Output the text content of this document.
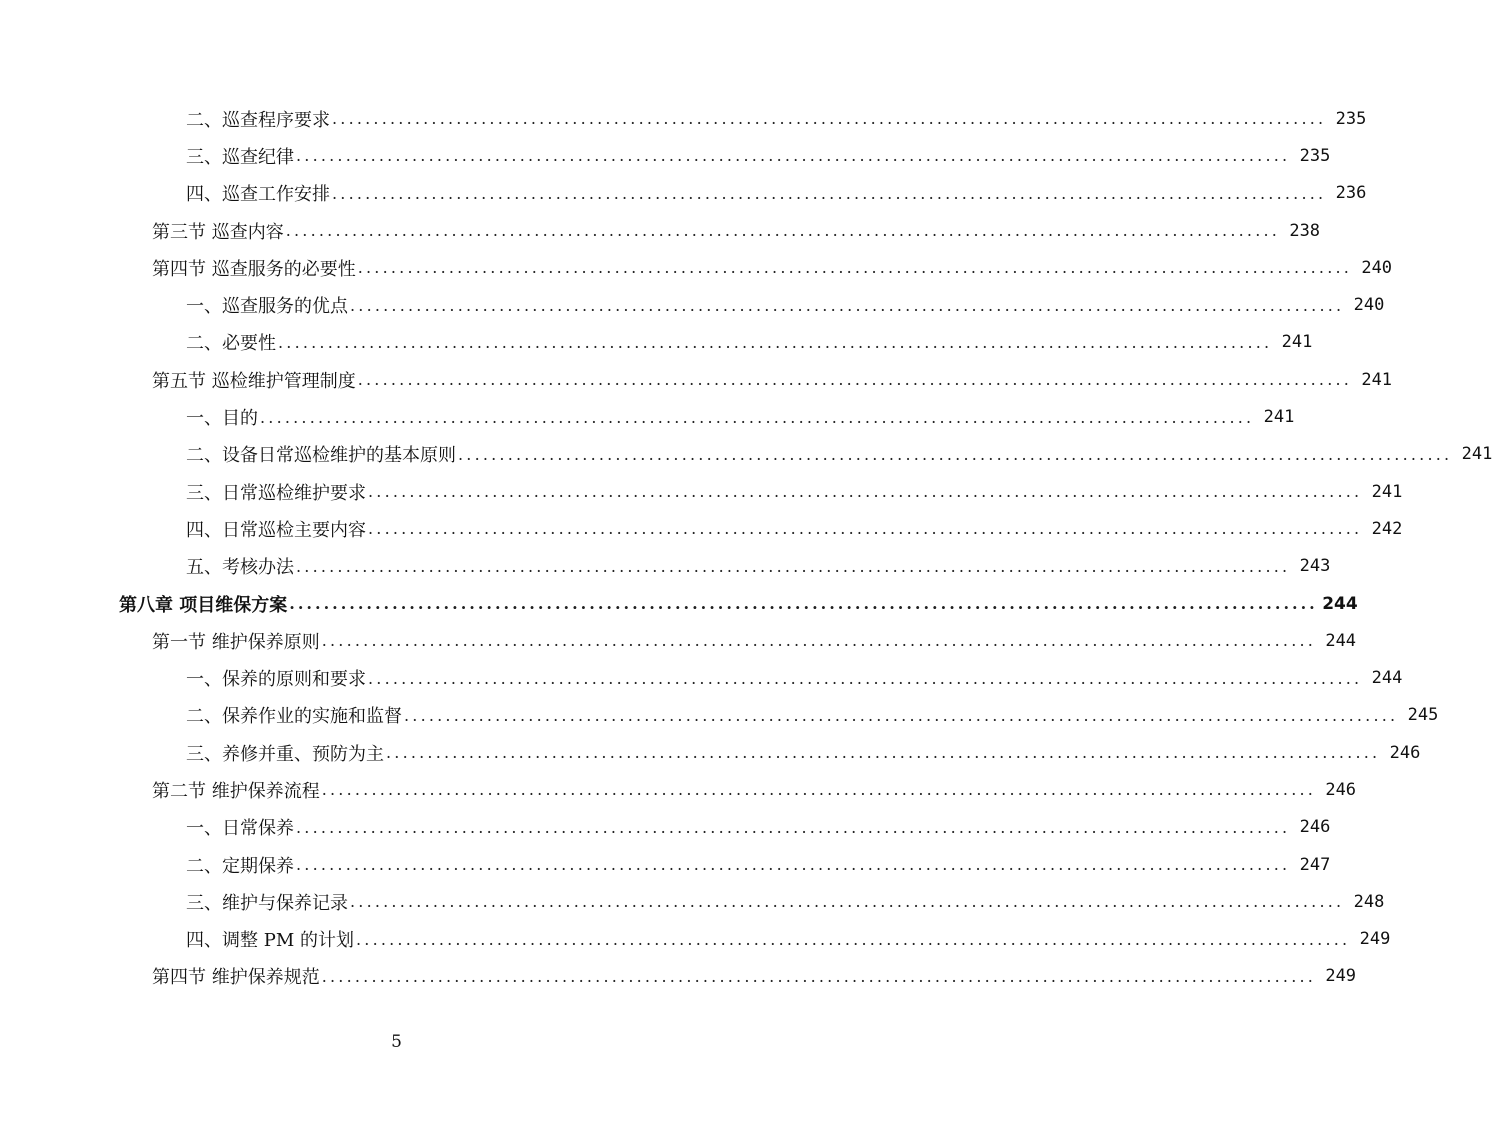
二、巡查程序要求 ........................................................................................................................ 235
三、巡查纪律 ........................................................................................................................ 235
四、巡查工作安排 ........................................................................................................................ 236
第三节 巡查内容 ........................................................................................................................ 238
第四节 巡查服务的必要性 ........................................................................................................................ 240
一、巡查服务的优点 ........................................................................................................................ 240
二、必要性 ........................................................................................................................ 241
第五节 巡检维护管理制度 ........................................................................................................................ 241
一、目的 ........................................................................................................................ 241
二、设备日常巡检维护的基本原则 ........................................................................................................................ 241
三、日常巡检维护要求 ........................................................................................................................ 241
四、日常巡检主要内容 ........................................................................................................................ 242
五、考核办法 ........................................................................................................................ 243
第八章 项目维保方案 ........................................................................................................................ 244
第一节 维护保养原则 ........................................................................................................................ 244
一、保养的原则和要求 ........................................................................................................................ 244
二、保养作业的实施和监督 ........................................................................................................................ 245
三、养修并重、预防为主 ........................................................................................................................ 246
第二节 维护保养流程 ........................................................................................................................ 246
一、日常保养 ........................................................................................................................ 246
二、定期保养 ........................................................................................................................ 247
三、维护与保养记录 ........................................................................................................................ 248
四、调整 PM 的计划 ........................................................................................................................ 249
第四节 维护保养规范 ........................................................................................................................ 249
5
